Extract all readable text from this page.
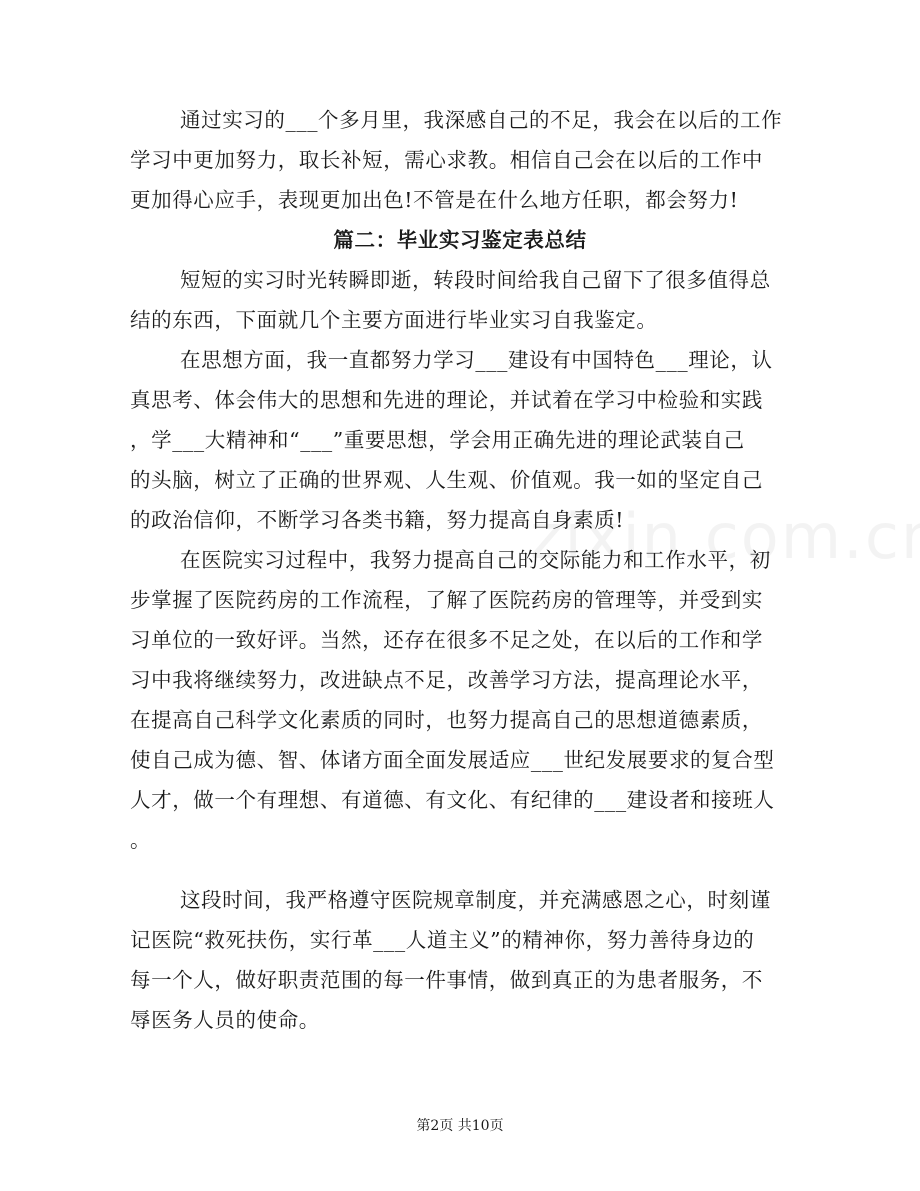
通过实习的___个多月里，我深感自己的不足，我会在以后的工作
学习中更加努力，取长补短，需心求教。相信自己会在以后的工作中
更加得心应手，表现更加出色!不管是在什么地方任职，都会努力!
篇二：毕业实习鉴定表总结
短短的实习时光转瞬即逝，转段时间给我自己留下了很多值得总
结的东西，下面就几个主要方面进行毕业实习自我鉴定。
在思想方面，我一直都努力学习___建设有中国特色___理论，认
真思考、体会伟大的思想和先进的理论，并试着在学习中检验和实践
，学___大精神和“___”重要思想，学会用正确先进的理论武装自己
的头脑，树立了正确的世界观、人生观、价值观。我一如的坚定自己
的政治信仰，不断学习各类书籍，努力提高自身素质!
在医院实习过程中，我努力提高自己的交际能力和工作水平，初
步掌握了医院药房的工作流程，了解了医院药房的管理等，并受到实
习单位的一致好评。当然，还存在很多不足之处，在以后的工作和学
习中我将继续努力，改进缺点不足，改善学习方法，提高理论水平，
在提高自己科学文化素质的同时，也努力提高自己的思想道德素质，
使自己成为德、智、体诸方面全面发展适应___世纪发展要求的复合型
人才，做一个有理想、有道德、有文化、有纪律的___建设者和接班人
。
这段时间，我严格遵守医院规章制度，并充满感恩之心，时刻谨
记医院“救死扶伤，实行革___人道主义”的精神你，努力善待身边的
每一个人，做好职责范围的每一件事情，做到真正的为患者服务，不
辱医务人员的使命。
第2页 共10页
